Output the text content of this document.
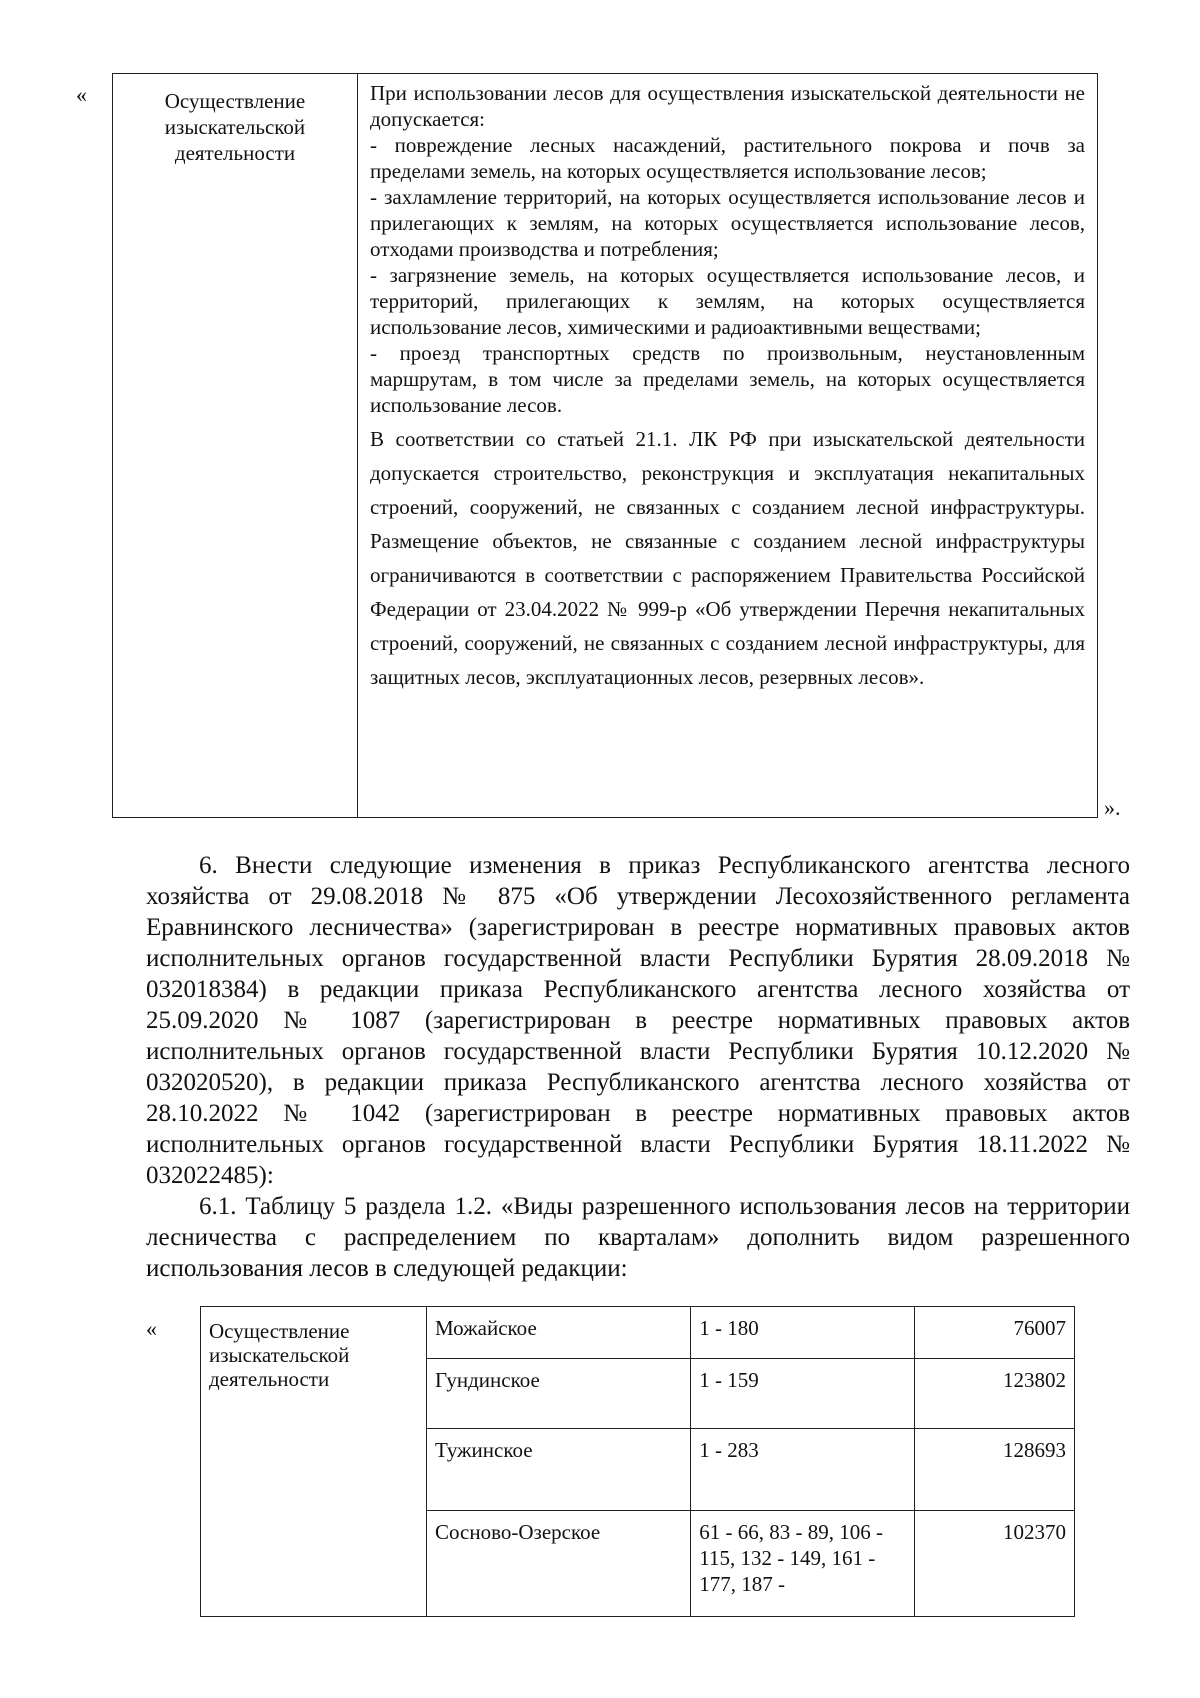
«	Осуществление изыскательской деятельности	

При использовании лесов для осуществления изыскательской деятельности не допускается:

- повреждение лесных насаждений, растительного покрова и почв за пределами земель, на которых осуществляется использование лесов;

- захламление территорий, на которых осуществляется использование лесов и прилегающих к землям, на которых осуществляется использование лесов, отходами производства и потребления;

- загрязнение земель, на которых осуществляется использование лесов, и территорий, прилегающих к землям, на которых осуществляется использование лесов, химическими и радиоактивными веществами;

- проезд транспортных средств по произвольным, неустановленным маршрутам, в том числе за пределами земель, на которых осуществляется использование лесов.

В соответствии со статьей 21.1. ЛК РФ при изыскательской деятельности допускается строительство, реконструкция и эксплуатация некапитальных строений, сооружений, не связанных с созданием лесной инфраструктуры. Размещение объектов, не связанные с созданием лесной инфраструктуры ограничиваются в соответствии с распоряжением Правительства Российской Федерации от 23.04.2022 № 999-р «Об утверждении Перечня некапитальных строений, сооружений, не связанных с созданием лесной инфраструктуры, для защитных лесов, эксплуатационных лесов, резервных лесов».

».

6. Внести следующие изменения в приказ Республиканского агентства лесного хозяйства от 29.08.2018 № 875 «Об утверждении Лесохозяйственного регламента Еравнинского лесничества» (зарегистрирован в реестре нормативных правовых актов исполнительных органов государственной власти Республики Бурятия 28.09.2018 № 032018384) в редакции приказа Республиканского агентства лесного хозяйства от 25.09.2020 № 1087 (зарегистрирован в реестре нормативных правовых актов исполнительных органов государственной власти Республики Бурятия 10.12.2020 № 032020520), в редакции приказа Республиканского агентства лесного хозяйства от 28.10.2022 № 1042 (зарегистрирован в реестре нормативных правовых актов исполнительных органов государственной власти Республики Бурятия 18.11.2022 № 032022485):

6.1. Таблицу 5 раздела 1.2. «Виды разрешенного использования лесов на территории лесничества с распределением по кварталам» дополнить видом разрешенного использования лесов в следующей редакции:

« Осуществление изыскательской деятельности	Можайское	1 - 180	76007
	Гундинское	1 - 159	123802
	Тужинское	1 - 283	128693
	Сосново-Озерское	61 - 66, 83 - 89, 106 - 115, 132 - 149, 161 - 177, 187 -	102370
